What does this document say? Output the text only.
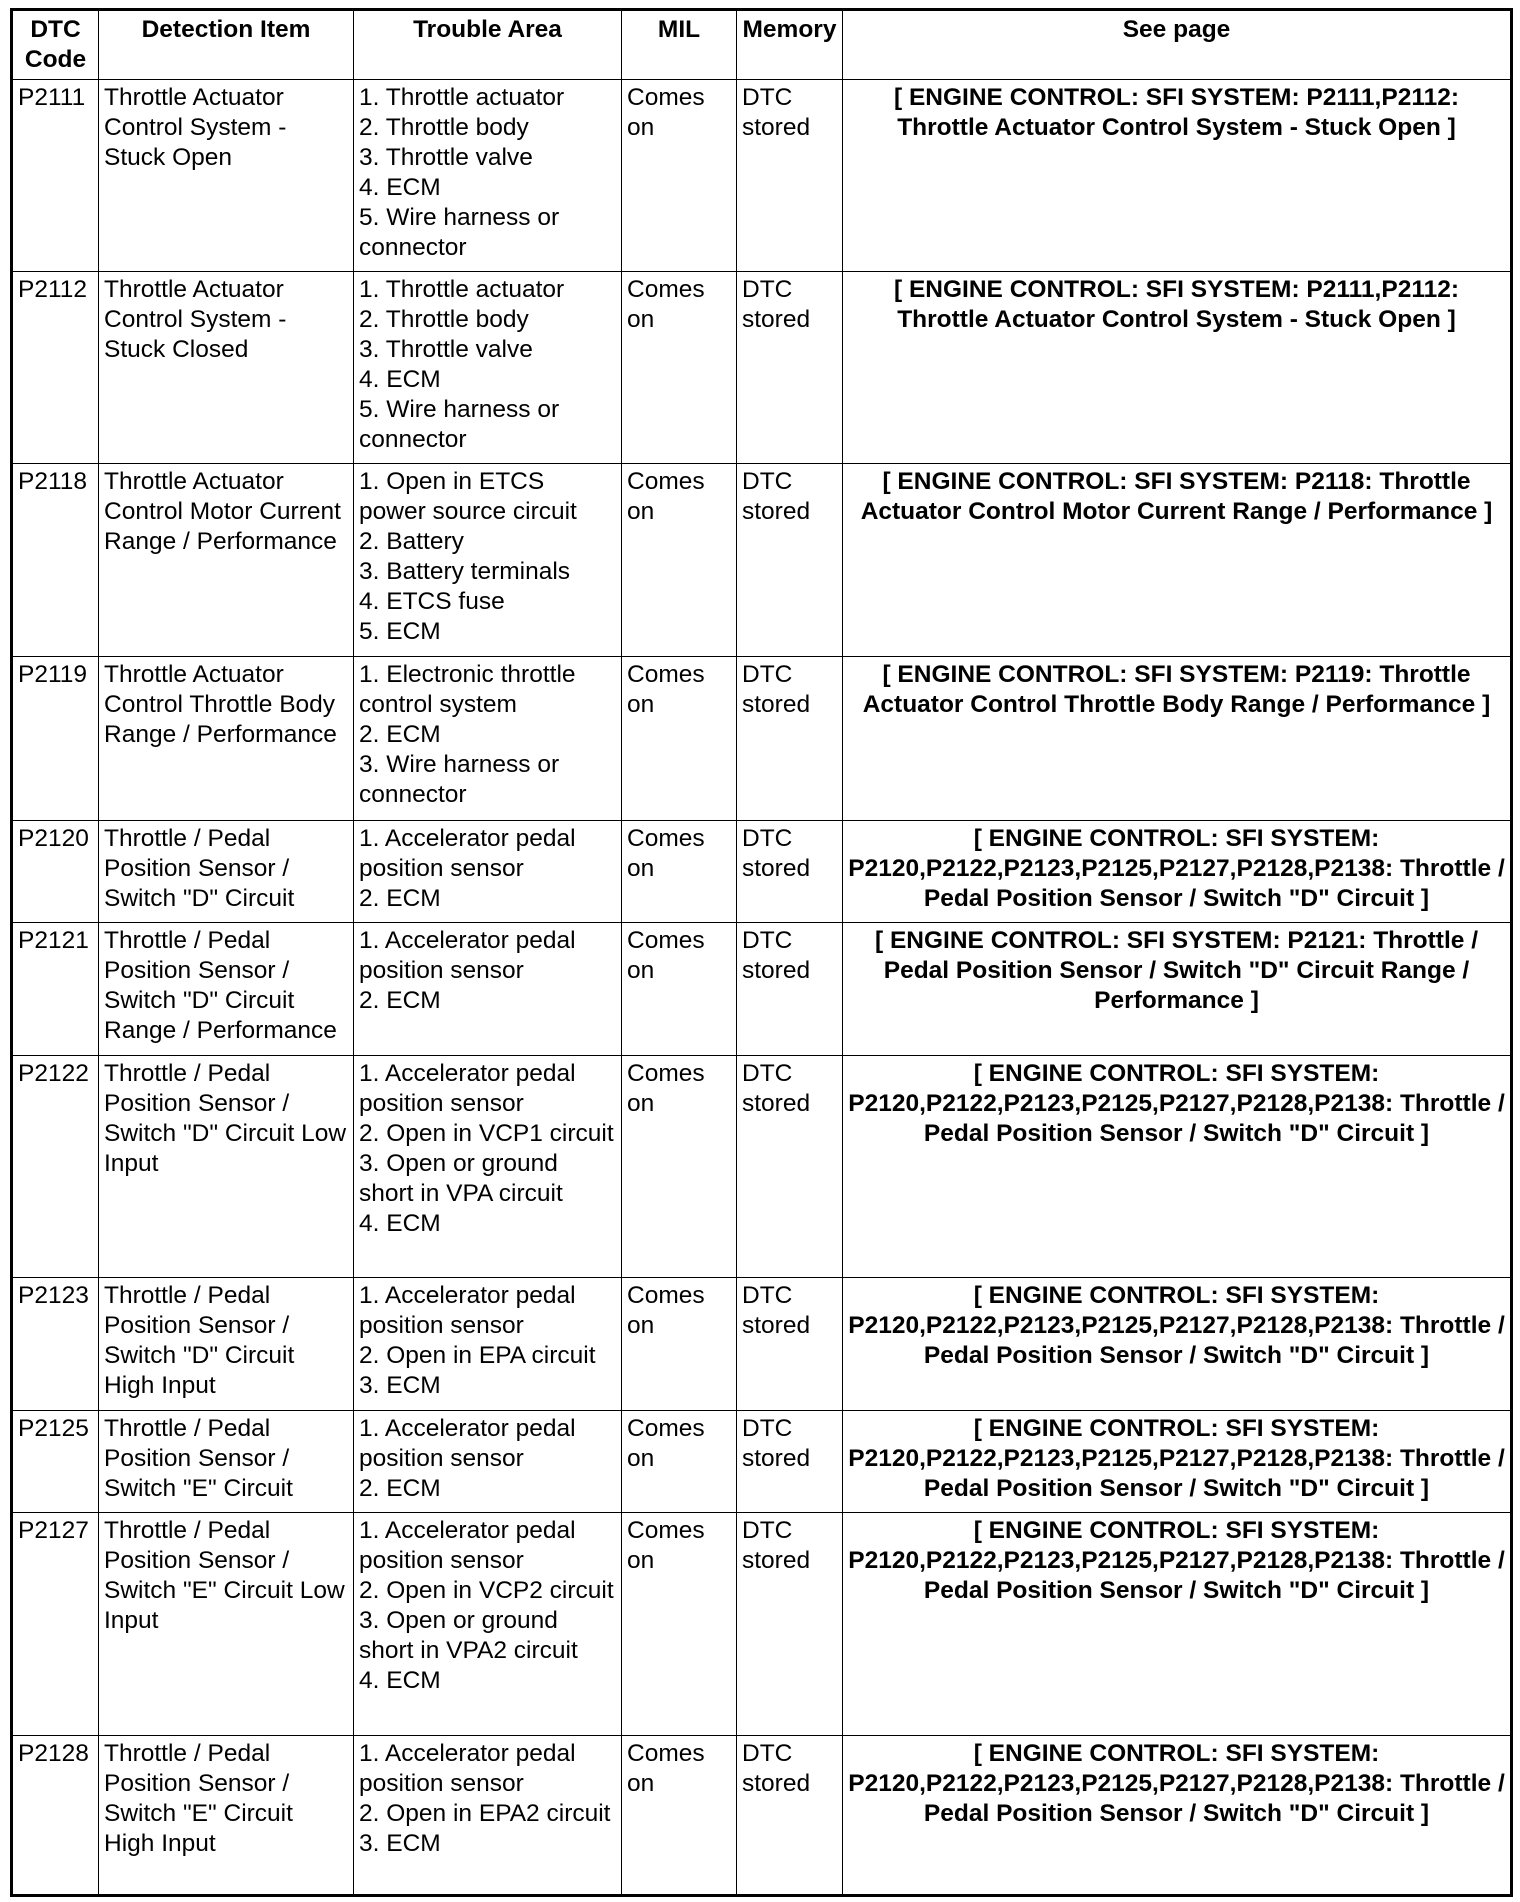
DTC
Code	Detection Item	Trouble Area	MIL	Memory	See page
P2111	Throttle Actuator Control System - Stuck Open	1. Throttle actuator
2. Throttle body
3. Throttle valve
4. ECM
5. Wire harness or connector	Comes on	DTC stored	[ ENGINE CONTROL: SFI SYSTEM: P2111,P2112: Throttle Actuator Control System - Stuck Open ]
P2112	Throttle Actuator Control System - Stuck Closed	1. Throttle actuator
2. Throttle body
3. Throttle valve
4. ECM
5. Wire harness or connector	Comes on	DTC stored	[ ENGINE CONTROL: SFI SYSTEM: P2111,P2112: Throttle Actuator Control System - Stuck Open ]
P2118	Throttle Actuator Control Motor Current Range / Performance	1. Open in ETCS power source circuit
2. Battery
3. Battery terminals
4. ETCS fuse
5. ECM	Comes on	DTC stored	[ ENGINE CONTROL: SFI SYSTEM: P2118: Throttle Actuator Control Motor Current Range / Performance ]
P2119	Throttle Actuator Control Throttle Body Range / Performance	1. Electronic throttle control system
2. ECM
3. Wire harness or connector	Comes on	DTC stored	[ ENGINE CONTROL: SFI SYSTEM: P2119: Throttle Actuator Control Throttle Body Range / Performance ]
P2120	Throttle / Pedal Position Sensor / Switch "D" Circuit	1. Accelerator pedal position sensor
2. ECM	Comes on	DTC stored	[ ENGINE CONTROL: SFI SYSTEM: P2120,P2122,P2123,P2125,P2127,P2128,P2138: Throttle / Pedal Position Sensor / Switch "D" Circuit ]
P2121	Throttle / Pedal Position Sensor / Switch "D" Circuit Range / Performance	1. Accelerator pedal position sensor
2. ECM	Comes on	DTC stored	[ ENGINE CONTROL: SFI SYSTEM: P2121: Throttle / Pedal Position Sensor / Switch "D" Circuit Range / Performance ]
P2122	Throttle / Pedal Position Sensor / Switch "D" Circuit Low Input	1. Accelerator pedal position sensor
2. Open in VCP1 circuit
3. Open or ground short in VPA circuit
4. ECM	Comes on	DTC stored	[ ENGINE CONTROL: SFI SYSTEM: P2120,P2122,P2123,P2125,P2127,P2128,P2138: Throttle / Pedal Position Sensor / Switch "D" Circuit ]
P2123	Throttle / Pedal Position Sensor / Switch "D" Circuit High Input	1. Accelerator pedal position sensor
2. Open in EPA circuit
3. ECM	Comes on	DTC stored	[ ENGINE CONTROL: SFI SYSTEM: P2120,P2122,P2123,P2125,P2127,P2128,P2138: Throttle / Pedal Position Sensor / Switch "D" Circuit ]
P2125	Throttle / Pedal Position Sensor / Switch "E" Circuit	1. Accelerator pedal position sensor
2. ECM	Comes on	DTC stored	[ ENGINE CONTROL: SFI SYSTEM: P2120,P2122,P2123,P2125,P2127,P2128,P2138: Throttle / Pedal Position Sensor / Switch "D" Circuit ]
P2127	Throttle / Pedal Position Sensor / Switch "E" Circuit Low Input	1. Accelerator pedal position sensor
2. Open in VCP2 circuit
3. Open or ground short in VPA2 circuit
4. ECM	Comes on	DTC stored	[ ENGINE CONTROL: SFI SYSTEM: P2120,P2122,P2123,P2125,P2127,P2128,P2138: Throttle / Pedal Position Sensor / Switch "D" Circuit ]
P2128	Throttle / Pedal Position Sensor / Switch "E" Circuit High Input	1. Accelerator pedal position sensor
2. Open in EPA2 circuit
3. ECM	Comes on	DTC stored	[ ENGINE CONTROL: SFI SYSTEM: P2120,P2122,P2123,P2125,P2127,P2128,P2138: Throttle / Pedal Position Sensor / Switch "D" Circuit ]
